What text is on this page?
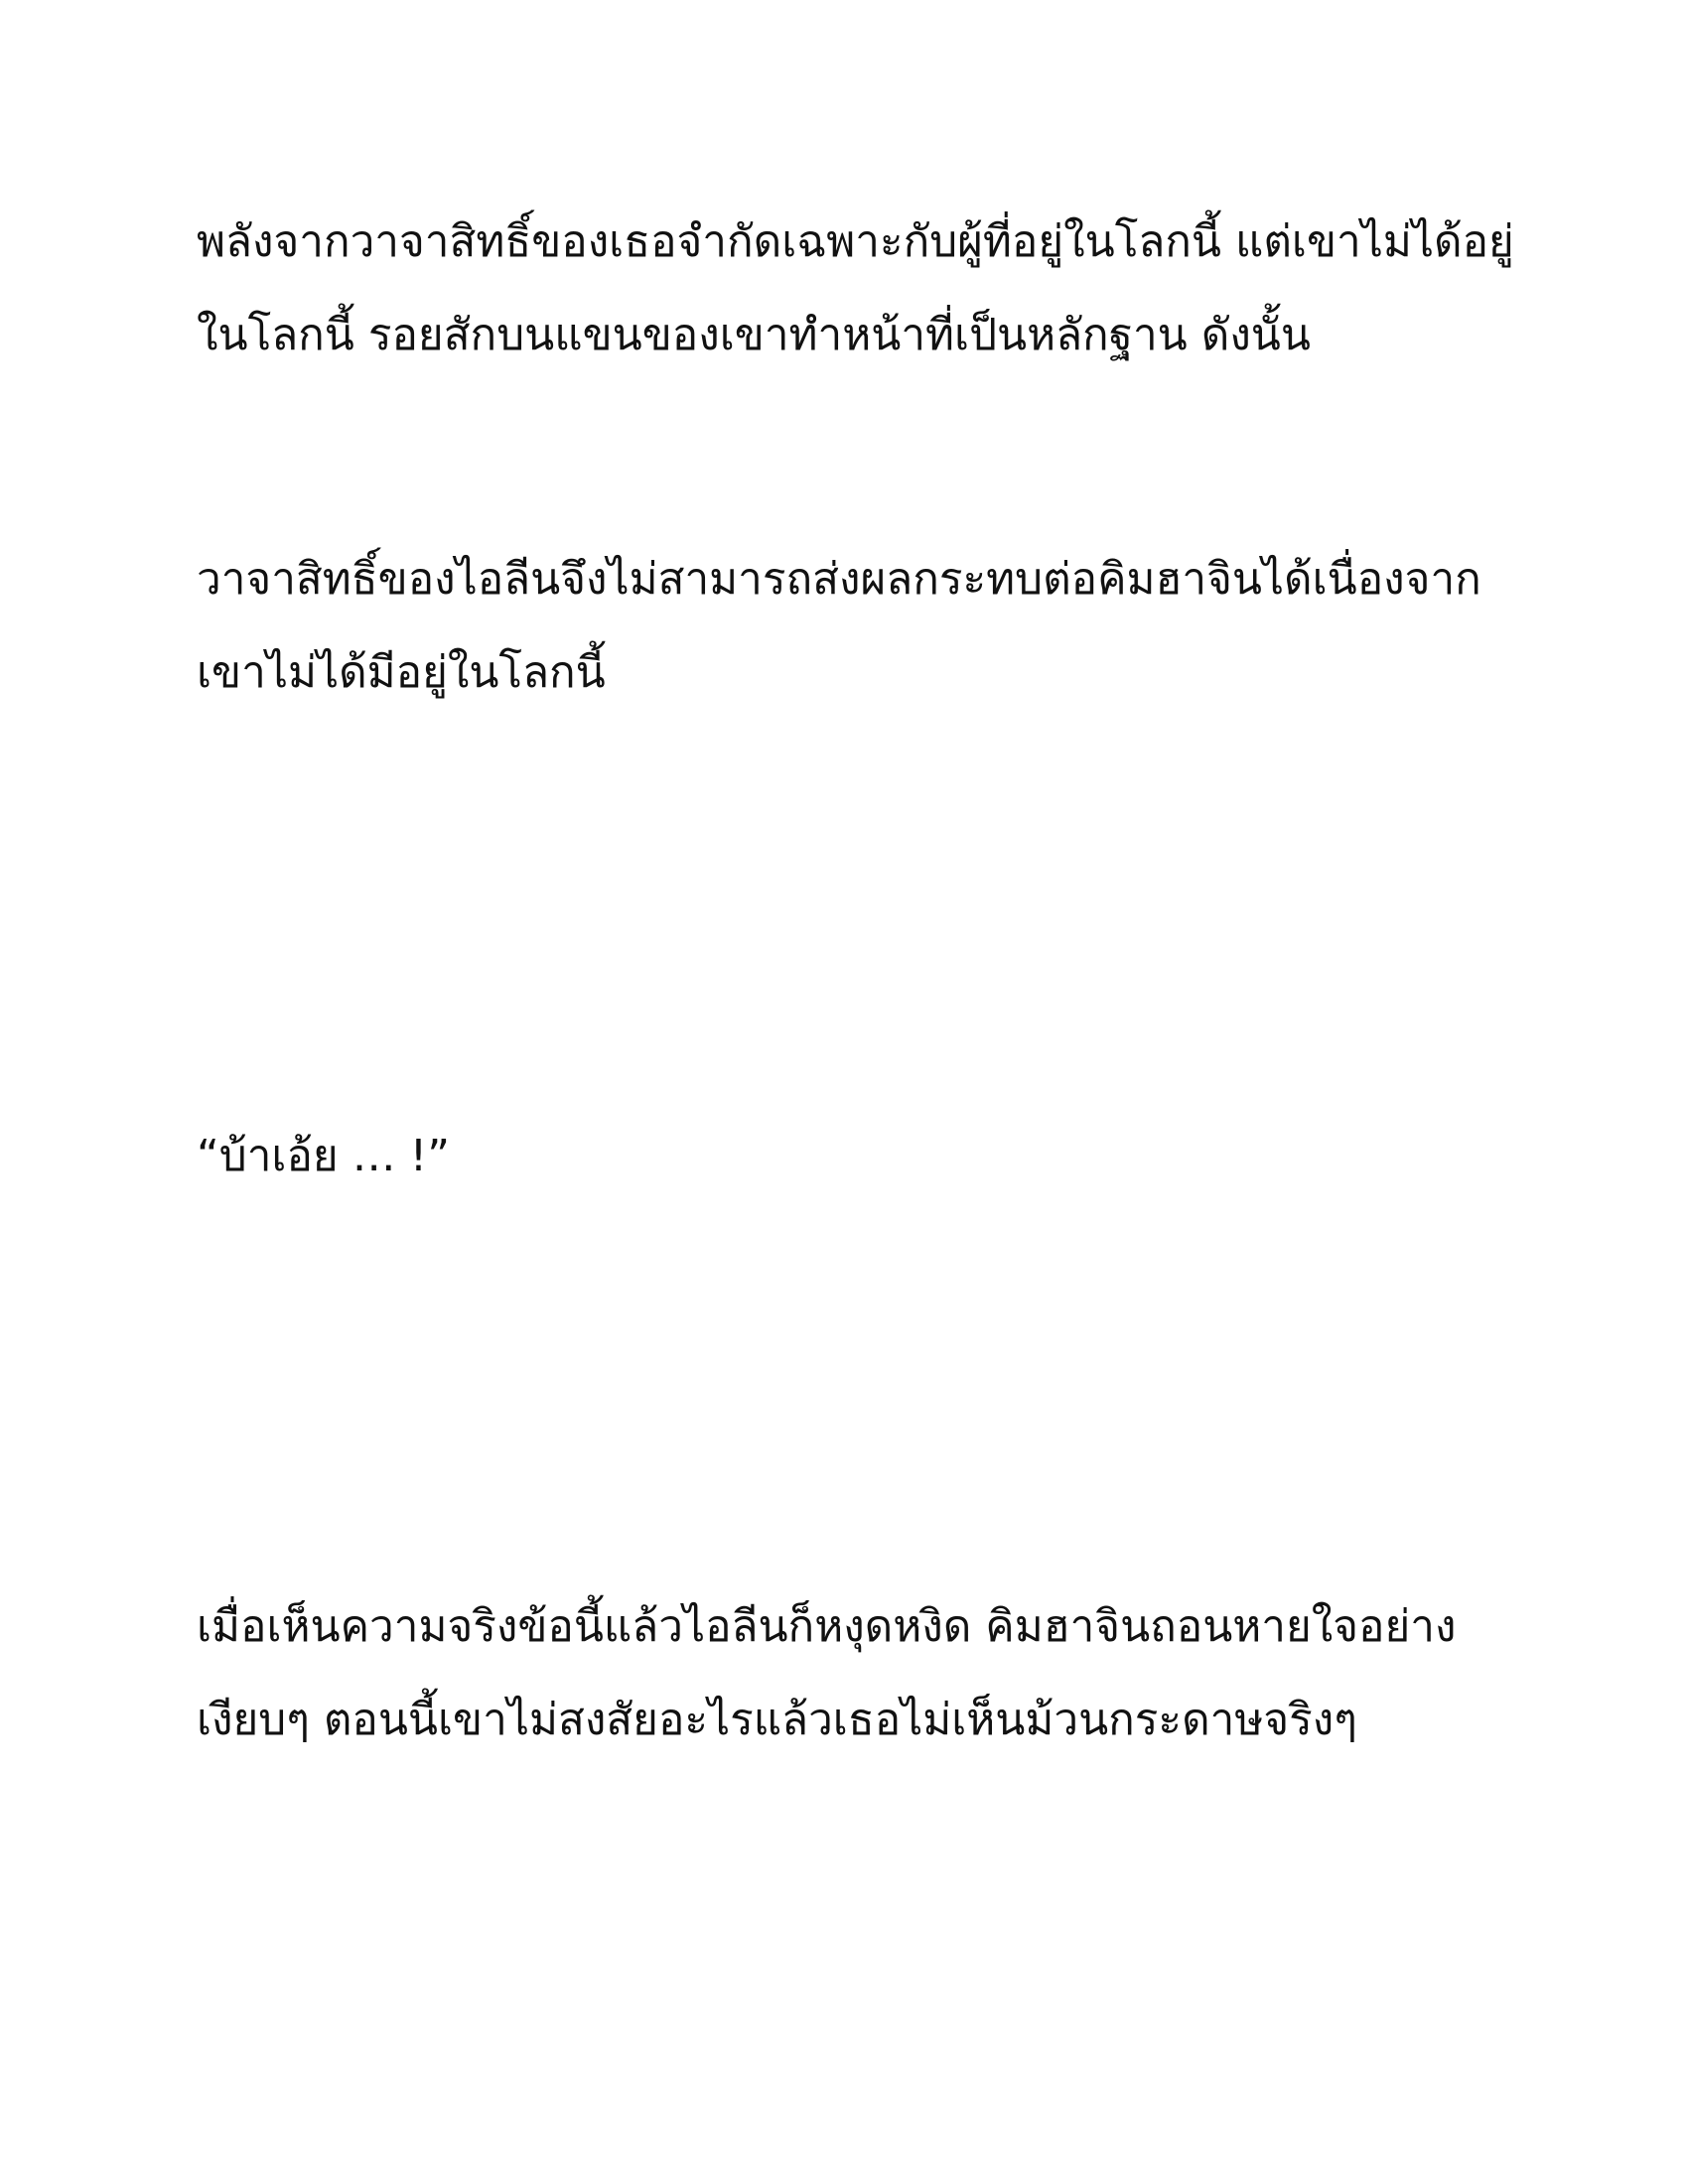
พลังจากวาจาสิทธิ์ของเธอจำกัดเฉพาะกับผู้ที่อยู่ในโลกนี้ แต่เขาไม่ได้อยู่
ในโลกนี้ รอยสักบนแขนของเขาทำหน้าที่เป็นหลักฐาน ดังนั้น

วาจาสิทธิ์ของไอลีนจึงไม่สามารถส่งผลกระทบต่อคิมฮาจินได้เนื่องจาก
เขาไม่ได้มีอยู่ในโลกนี้

“บ้าเอ้ย … !”

เมื่อเห็นความจริงข้อนี้แล้วไอลีนก็หงุดหงิด คิมฮาจินถอนหายใจอย่าง
เงียบๆ ตอนนี้เขาไม่สงสัยอะไรแล้วเธอไม่เห็นม้วนกระดาษจริงๆ
